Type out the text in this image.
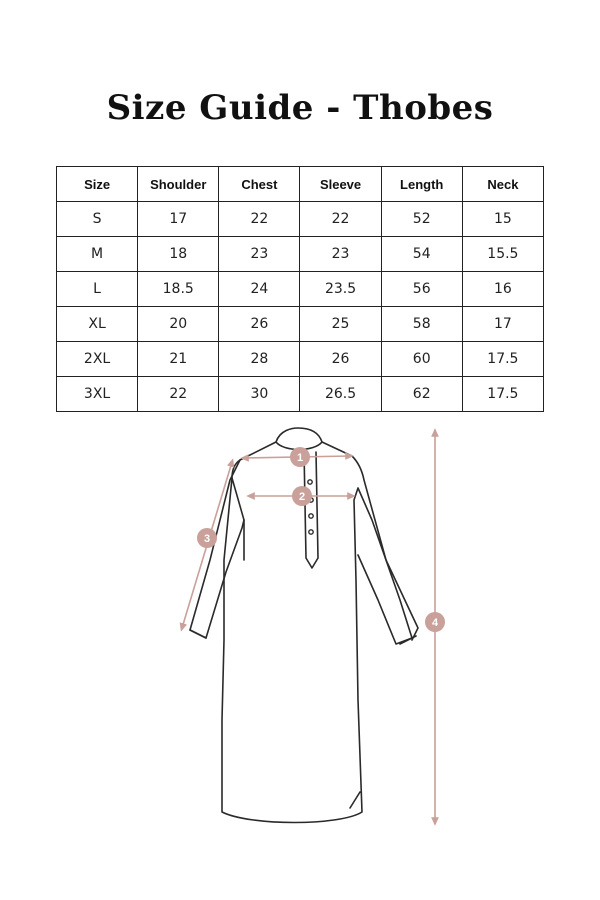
Size Guide - Thobes
Size	Shoulder	Chest	Sleeve	Length	Neck
S	17	22	22	52	15
M	18	23	23	54	15.5
L	18.5	24	23.5	56	16
XL	20	26	25	58	17
2XL	21	28	26	60	17.5
3XL	22	30	26.5	62	17.5
1
2
3
4
